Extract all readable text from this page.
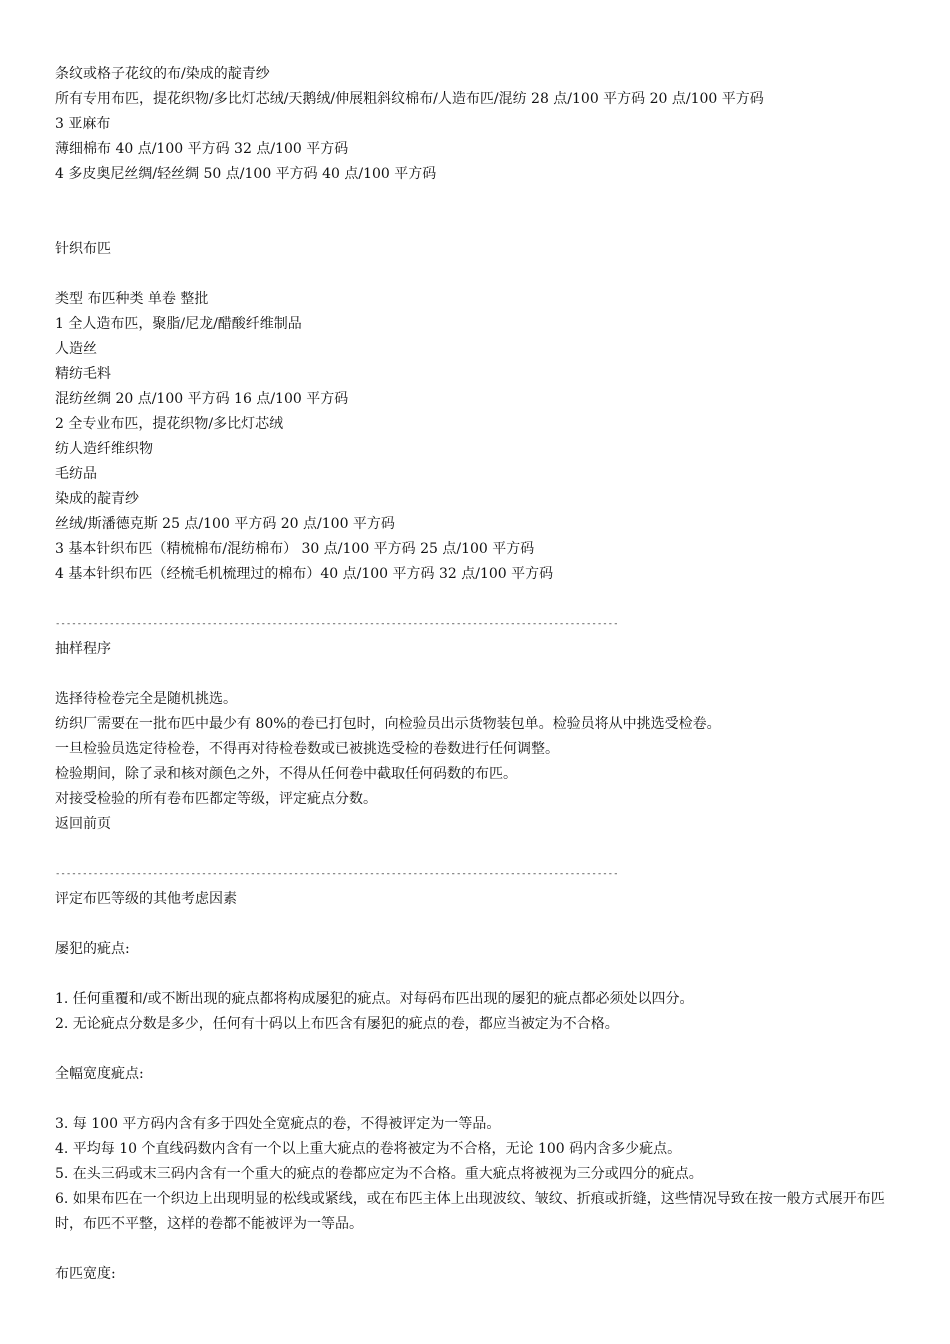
条纹或格子花纹的布/染成的靛青纱
所有专用布匹，提花织物/多比灯芯绒/天鹅绒/伸展粗斜纹棉布/人造布匹/混纺 28 点/100 平方码 20 点/100 平方码
3 亚麻布
薄细棉布 40 点/100 平方码 32 点/100 平方码
4 多皮奥尼丝绸/轻丝绸 50 点/100 平方码 40 点/100 平方码
针织布匹
类型 布匹种类 单卷 整批
1 全人造布匹，聚脂/尼龙/醋酸纤维制品
人造丝
精纺毛料
混纺丝绸 20 点/100 平方码 16 点/100 平方码
2 全专业布匹，提花织物/多比灯芯绒
纺人造纤维织物
毛纺品
染成的靛青纱
丝绒/斯潘德克斯 25 点/100 平方码 20 点/100 平方码
3 基本针织布匹（精梳棉布/混纺棉布） 30 点/100 平方码 25 点/100 平方码
4 基本针织布匹（经梳毛机梳理过的棉布）40 点/100 平方码 32 点/100 平方码
--------------------------------------------------------------------------------------------------------
抽样程序
选择待检卷完全是随机挑选。
纺织厂需要在一批布匹中最少有 80%的卷已打包时，向检验员出示货物装包单。检验员将从中挑选受检卷。
一旦检验员选定待检卷，不得再对待检卷数或已被挑选受检的卷数进行任何调整。
检验期间，除了录和核对颜色之外，不得从任何卷中截取任何码数的布匹。
对接受检验的所有卷布匹都定等级，评定疵点分数。
返回前页
--------------------------------------------------------------------------------------------------------
评定布匹等级的其他考虑因素
屡犯的疵点:
1. 任何重覆和/或不断出现的疵点都将构成屡犯的疵点。对每码布匹出现的屡犯的疵点都必须处以四分。
2. 无论疵点分数是多少，任何有十码以上布匹含有屡犯的疵点的卷，都应当被定为不合格。
全幅宽度疵点:
3. 每 100 平方码内含有多于四处全宽疵点的卷，不得被评定为一等品。
4. 平均每 10 个直线码数内含有一个以上重大疵点的卷将被定为不合格，无论 100 码内含多少疵点。
5. 在头三码或末三码内含有一个重大的疵点的卷都应定为不合格。重大疵点将被视为三分或四分的疵点。
6. 如果布匹在一个织边上出现明显的松线或紧线，或在布匹主体上出现波纹、皱纹、折痕或折缝，这些情况导致在按一般方式展开布匹时，布匹不平整，这样的卷都不能被评为一等品。
布匹宽度:
